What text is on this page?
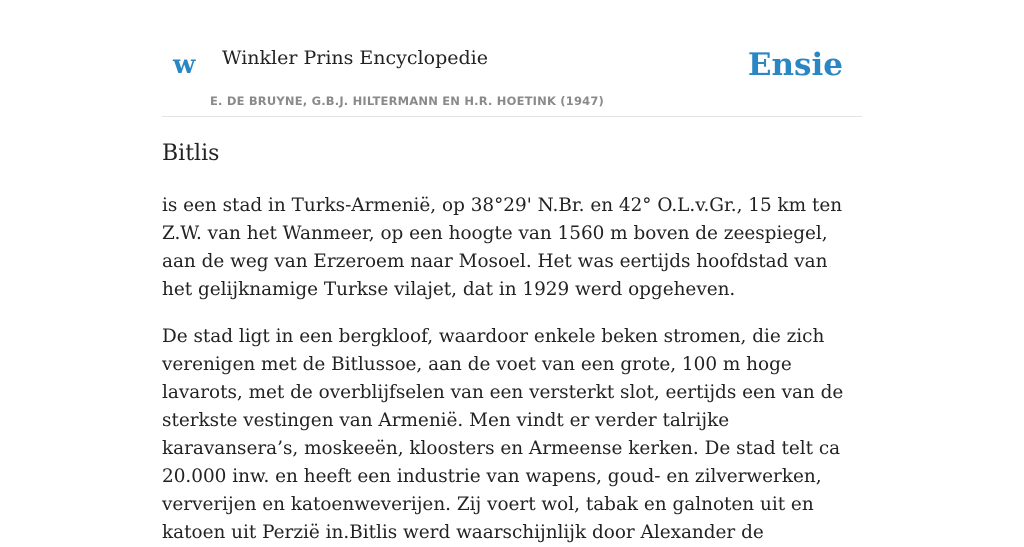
w Winkler Prins Encyclopedie
E. DE BRUYNE, G.B.J. HILTERMANN EN H.R. HOETINK (1947)
Ensie
Bitlis

is een stad in Turks-Armenië, op 38°29' N.Br. en 42° O.L.v.Gr., 15 km ten Z.W. van het Wanmeer, op een hoogte van 1560 m boven de zeespiegel, aan de weg van Erzeroem naar Mosoel. Het was eertijds hoofdstad van het gelijknamige Turkse vilajet, dat in 1929 werd opgeheven.

De stad ligt in een bergkloof, waardoor enkele beken stromen, die zich verenigen met de Bitlussoe, aan de voet van een grote, 100 m hoge lavarots, met de overblijfselen van een versterkt slot, eertijds een van de sterkste vestingen van Armenië. Men vindt er verder talrijke karavansera’s, moskeeën, kloosters en Armeense kerken. De stad telt ca 20.000 inw. en heeft een industrie van wapens, goud- en zilverwerken, ververijen en katoenweverijen. Zij voert wol, tabak en galnoten uit en katoen uit Perzië in.Bitlis werd waarschijnlijk door Alexander de
